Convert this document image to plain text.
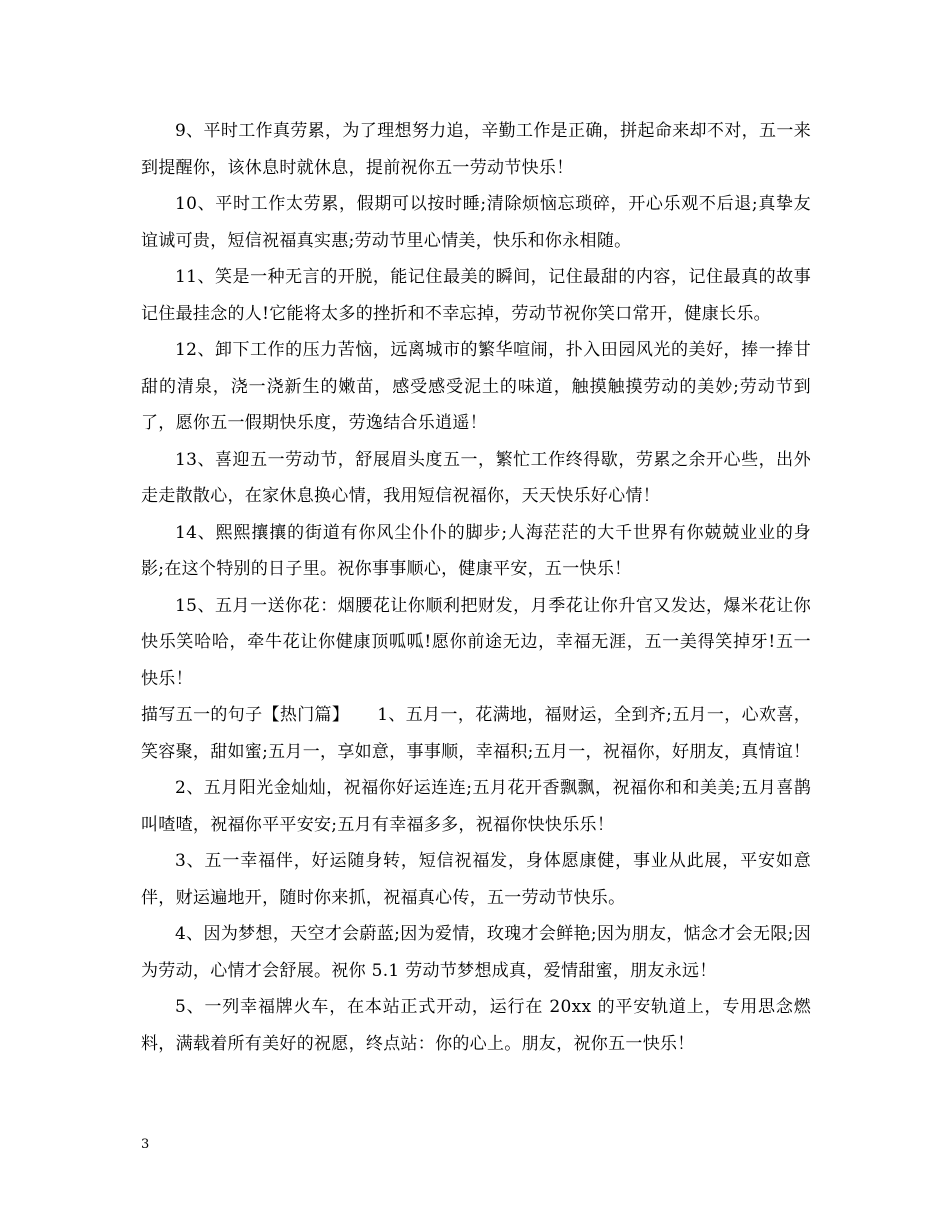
9、平时工作真劳累，为了理想努力追，辛勤工作是正确，拼起命来却不对，五一来到提醒你，该休息时就休息，提前祝你五一劳动节快乐！

10、平时工作太劳累，假期可以按时睡;清除烦恼忘琐碎，开心乐观不后退;真挚友谊诚可贵，短信祝福真实惠;劳动节里心情美，快乐和你永相随。

11、笑是一种无言的开脱，能记住最美的瞬间，记住最甜的内容，记住最真的故事记住最挂念的人!它能将太多的挫折和不幸忘掉，劳动节祝你笑口常开，健康长乐。

12、卸下工作的压力苦恼，远离城市的繁华喧闹，扑入田园风光的美好，捧一捧甘甜的清泉，浇一浇新生的嫩苗，感受感受泥土的味道，触摸触摸劳动的美妙;劳动节到了，愿你五一假期快乐度，劳逸结合乐逍遥！

13、喜迎五一劳动节，舒展眉头度五一，繁忙工作终得歇，劳累之余开心些，出外走走散散心，在家休息换心情，我用短信祝福你，天天快乐好心情！

14、熙熙攘攘的街道有你风尘仆仆的脚步;人海茫茫的大千世界有你兢兢业业的身影;在这个特别的日子里。祝你事事顺心，健康平安，五一快乐！

15、五月一送你花：烟腰花让你顺利把财发，月季花让你升官又发达，爆米花让你快乐笑哈哈，牵牛花让你健康顶呱呱!愿你前途无边，幸福无涯，五一美得笑掉牙!五一快乐！

描写五一的句子【热门篇】 1、五月一，花满地，福财运，全到齐;五月一，心欢喜，笑容聚，甜如蜜;五月一，享如意，事事顺，幸福积;五月一，祝福你，好朋友，真情谊！

2、五月阳光金灿灿，祝福你好运连连;五月花开香飘飘，祝福你和和美美;五月喜鹊叫喳喳，祝福你平平安安;五月有幸福多多，祝福你快快乐乐！

3、五一幸福伴，好运随身转，短信祝福发，身体愿康健，事业从此展，平安如意伴，财运遍地开，随时你来抓，祝福真心传，五一劳动节快乐。

4、因为梦想，天空才会蔚蓝;因为爱情，玫瑰才会鲜艳;因为朋友，惦念才会无限;因为劳动，心情才会舒展。祝你 5.1 劳动节梦想成真，爱情甜蜜，朋友永远！

5、一列幸福牌火车，在本站正式开动，运行在 20xx 的平安轨道上，专用思念燃料，满载着所有美好的祝愿，终点站：你的心上。朋友，祝你五一快乐！

3
